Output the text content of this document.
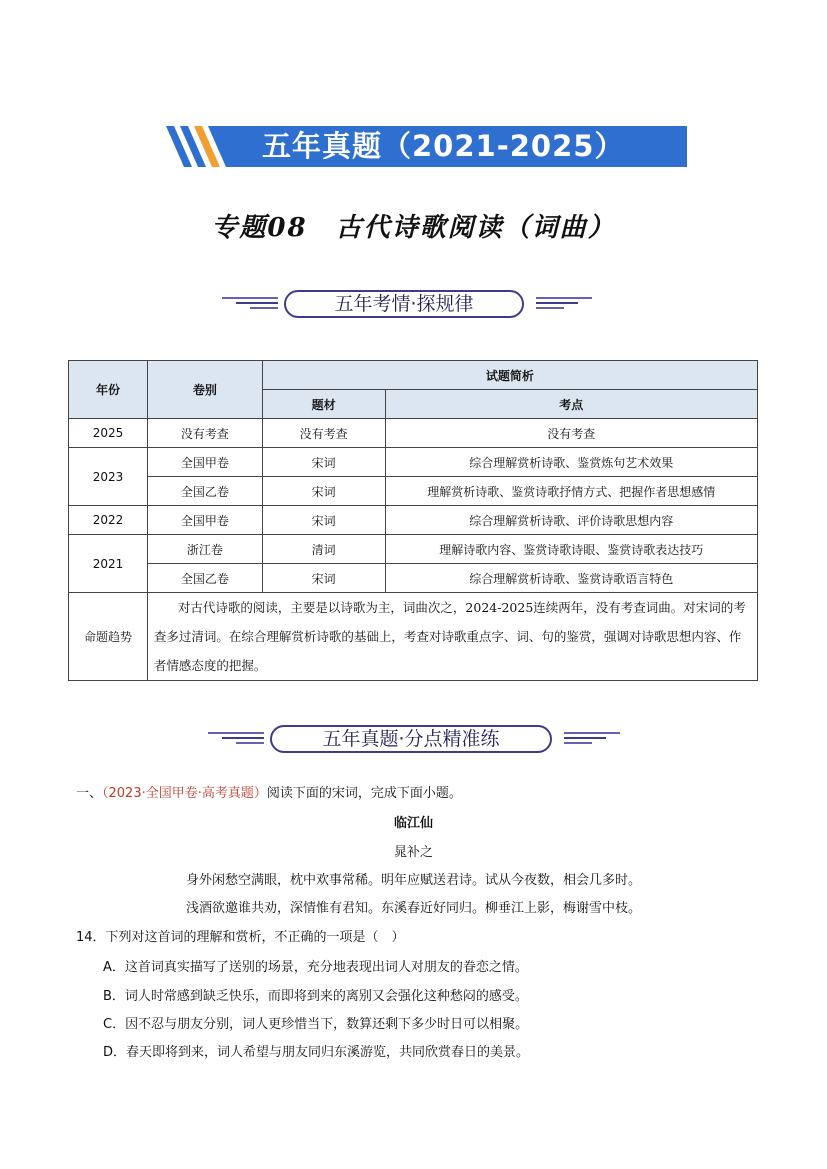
五年真题（2021-2025）
专题08　古代诗歌阅读（词曲）
五年考情·探规律
年份	卷别	试题简析	
		题材	考点
2025	没有考查	没有考查	没有考查
2023	全国甲卷	宋词	综合理解赏析诗歌、鉴赏炼句艺术效果
	全国乙卷	宋词	理解赏析诗歌、鉴赏诗歌抒情方式、把握作者思想感情
2022	全国甲卷	宋词	综合理解赏析诗歌、评价诗歌思想内容
2021	浙江卷	清词	理解诗歌内容、鉴赏诗歌诗眼、鉴赏诗歌表达技巧
	全国乙卷	宋词	综合理解赏析诗歌、鉴赏诗歌语言特色
命题趋势	对古代诗歌的阅读，主要是以诗歌为主，词曲次之，2024-2025连续两年，没有考查词曲。对宋词的考查多过清词。在综合理解赏析诗歌的基础上，考查对诗歌重点字、词、句的鉴赏，强调对诗歌思想内容、作者情感态度的把握。		
五年真题·分点精准练
一、（2023·全国甲卷·高考真题）阅读下面的宋词，完成下面小题。
临江仙
晁补之
身外闲愁空满眼，枕中欢事常稀。明年应赋送君诗。试从今夜数，相会几多时。
浅酒欲邀谁共劝，深情惟有君知。东溪春近好同归。柳垂江上影，梅谢雪中枝。
14．下列对这首词的理解和赏析，不正确的一项是（　）
A．这首词真实描写了送别的场景，充分地表现出词人对朋友的眷恋之情。
B．词人时常感到缺乏快乐，而即将到来的离别又会强化这种愁闷的感受。
C．因不忍与朋友分别，词人更珍惜当下，数算还剩下多少时日可以相聚。
D．春天即将到来，词人希望与朋友同归东溪游览，共同欣赏春日的美景。
